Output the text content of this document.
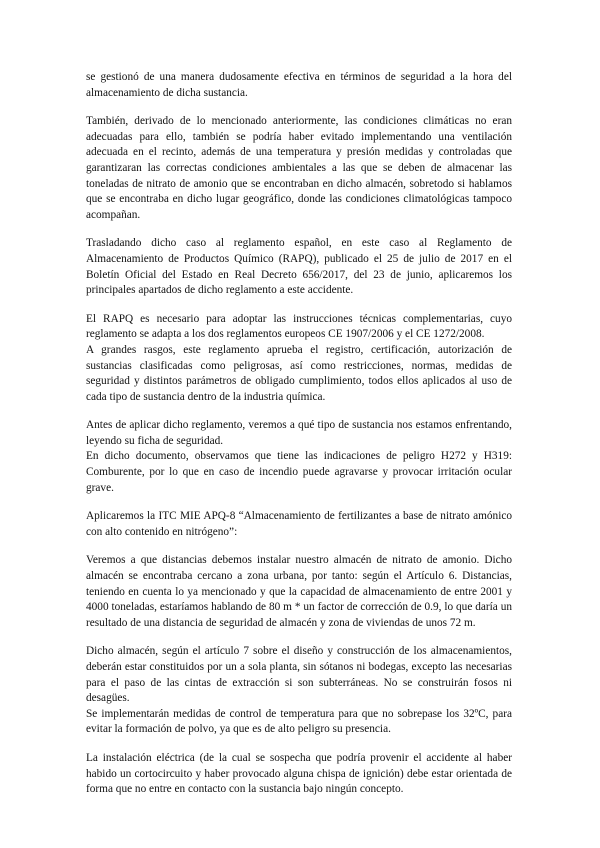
se gestionó de una manera dudosamente efectiva en términos de seguridad a la hora del almacenamiento de dicha sustancia.

También, derivado de lo mencionado anteriormente, las condiciones climáticas no eran adecuadas para ello, también se podría haber evitado implementando una ventilación adecuada en el recinto, además de una temperatura y presión medidas y controladas que garantizaran las correctas condiciones ambientales a las que se deben de almacenar las toneladas de nitrato de amonio que se encontraban en dicho almacén, sobretodo si hablamos que se encontraba en dicho lugar geográfico, donde las condiciones climatológicas tampoco acompañan.

Trasladando dicho caso al reglamento español, en este caso al Reglamento de Almacenamiento de Productos Químico (RAPQ), publicado el 25 de julio de 2017 en el Boletín Oficial del Estado en Real Decreto 656/2017, del 23 de junio, aplicaremos los principales apartados de dicho reglamento a este accidente.

El RAPQ es necesario para adoptar las instrucciones técnicas complementarias, cuyo reglamento se adapta a los dos reglamentos europeos CE 1907/2006 y el CE 1272/2008.
A grandes rasgos, este reglamento aprueba el registro, certificación, autorización de sustancias clasificadas como peligrosas, así como restricciones, normas, medidas de seguridad y distintos parámetros de obligado cumplimiento, todos ellos aplicados al uso de cada tipo de sustancia dentro de la industria química.

Antes de aplicar dicho reglamento, veremos a qué tipo de sustancia nos estamos enfrentando, leyendo su ficha de seguridad.
En dicho documento, observamos que tiene las indicaciones de peligro H272 y H319: Comburente, por lo que en caso de incendio puede agravarse y provocar irritación ocular grave.

Aplicaremos la ITC MIE APQ-8 “Almacenamiento de fertilizantes a base de nitrato amónico con alto contenido en nitrógeno”:

Veremos a que distancias debemos instalar nuestro almacén de nitrato de amonio. Dicho almacén se encontraba cercano a zona urbana, por tanto: según el Artículo 6. Distancias, teniendo en cuenta lo ya mencionado y que la capacidad de almacenamiento de entre 2001 y 4000 toneladas, estaríamos hablando de 80 m * un factor de corrección de 0.9, lo que daría un resultado de una distancia de seguridad de almacén y zona de viviendas de unos 72 m.

Dicho almacén, según el artículo 7 sobre el diseño y construcción de los almacenamientos, deberán estar constituidos por un a sola planta, sin sótanos ni bodegas, excepto las necesarias para el paso de las cintas de extracción si son subterráneas. No se construirán fosos ni desagües.
Se implementarán medidas de control de temperatura para que no sobrepase los 32ºC, para evitar la formación de polvo, ya que es de alto peligro su presencia.

La instalación eléctrica (de la cual se sospecha que podría provenir el accidente al haber habido un cortocircuito y haber provocado alguna chispa de ignición) debe estar orientada de forma que no entre en contacto con la sustancia bajo ningún concepto.
